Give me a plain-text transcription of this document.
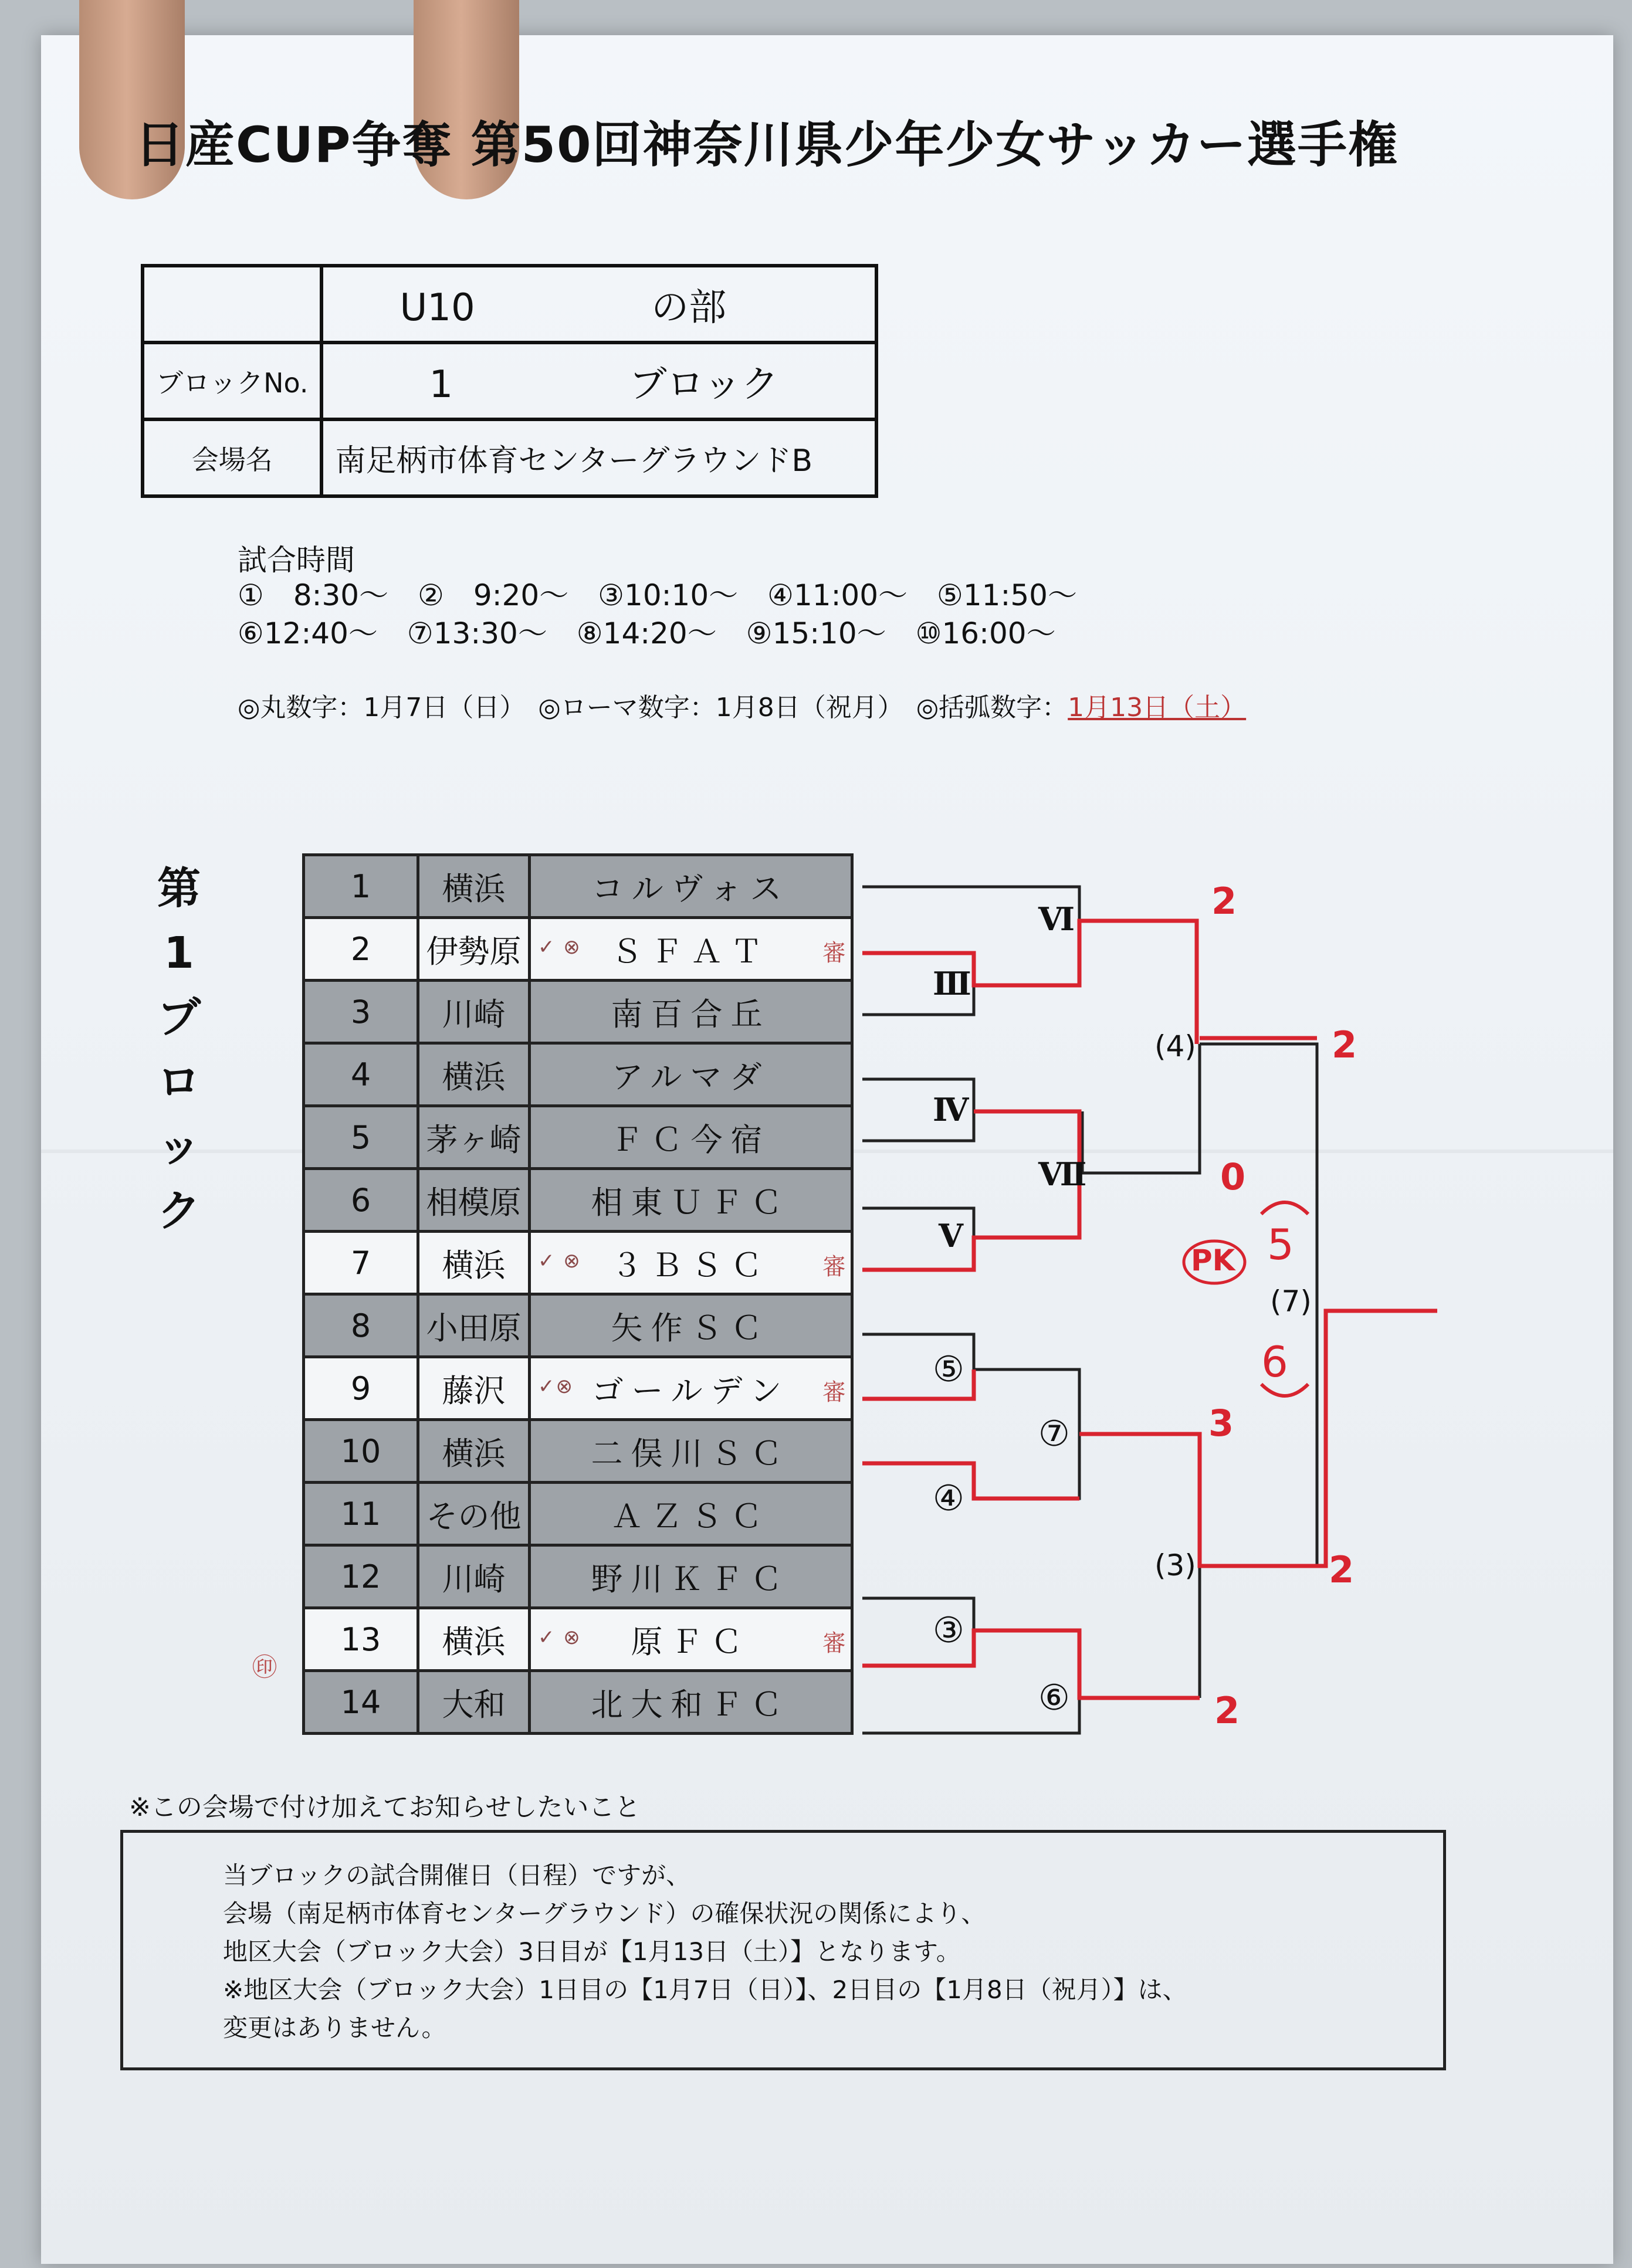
日産CUP争奪 第50回神奈川県少年少女サッカー選手権
	U10 の部
ブロックNo.	1 ブロック
会場名	南足柄市体育センターグラウンドB
試合時間
①　8:30～　②　9:20～　③10:10～　④11:00～　⑤11:50～
⑥12:40～　⑦13:30～　⑧14:20～　⑨15:10～　⑩16:00～
◎丸数字：1月7日（日）　◎ローマ数字：1月8日（祝月）　◎括弧数字：1月13日（土）
第
1
ブ
ロ
ッ
ク
1	横浜	コルヴォス
2	伊勢原	ＳＦＡＴ
✓ ⊗ 審

3	川崎	南百合丘
4	横浜	アルマダ
5	茅ヶ崎	ＦＣ今宿
6	相模原	相東ＵＦＣ
7	横浜	３ＢＳＣ
✓ ⊗ 審

8	小田原	矢作ＳＣ
9	藤沢	ゴールデン
✓⊗ 審

10	横浜	二俣川ＳＣ
11	その他	ＡＺＳＣ
12	川崎	野川ＫＦＣ
13	横浜	原ＦＣ
✓ ⊗ 審

14	大和	北大和ＦＣ
㊞
Ⅵ
Ⅲ
Ⅳ
Ⅶ
Ⅴ
⑤
⑦
④
③
⑥
(4)
(3)
(7)
2
2
0
PK 5
6
3
2
2
※この会場で付け加えてお知らせしたいこと
当ブロックの試合開催日（日程）ですが、
会場（南足柄市体育センターグラウンド）の確保状況の関係により、
地区大会（ブロック大会）3日目が【1月13日（土）】となります。
※地区大会（ブロック大会）1日目の【1月7日（日）】、2日目の【1月8日（祝月）】は、
変更はありません。
